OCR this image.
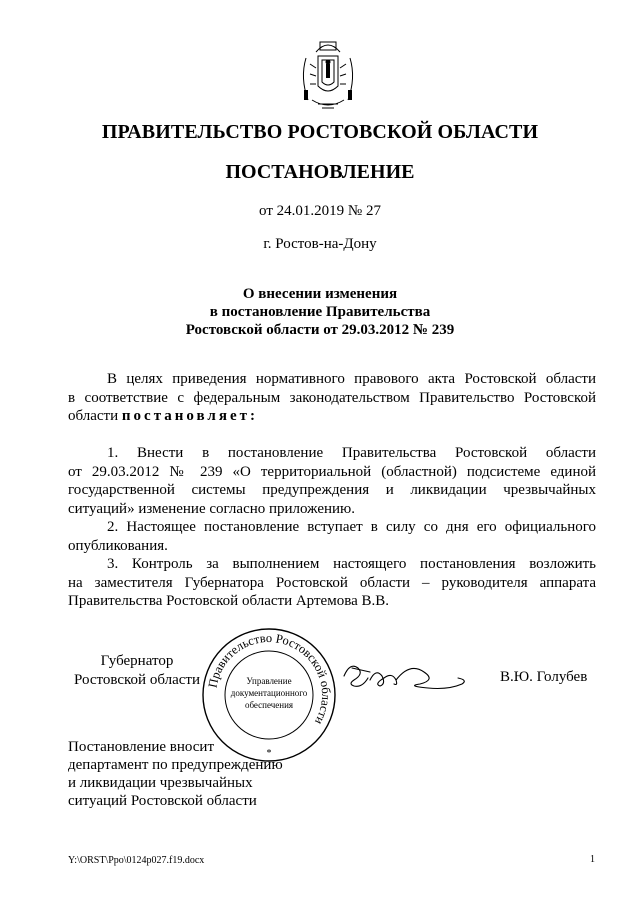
ПРАВИТЕЛЬСТВО РОСТОВСКОЙ ОБЛАСТИ
ПОСТАНОВЛЕНИЕ
от 24.01.2019 № 27
г. Ростов-на-Дону
О внесении изменения
в постановление Правительства
Ростовской области от 29.03.2012 № 239
В целях приведения нормативного правового акта Ростовской области
в соответствие с федеральным законодательством Правительство Ростовской
области постановляет:
1. Внести в постановление Правительства Ростовской области
от 29.03.2012 № 239 «О территориальной (областной) подсистеме единой
государственной системы предупреждения и ликвидации чрезвычайных
ситуаций» изменение согласно приложению.
2. Настоящее постановление вступает в силу со дня его официального
опубликования.
3. Контроль за выполнением настоящего постановления возложить
на заместителя Губернатора Ростовской области – руководителя аппарата
Правительства Ростовской области Артемова В.В.
Губернатор
Ростовской области	В.Ю. Голубев
Правительство Ростовской области
Управление
документационного
обеспечения
*
Постановление вносит
департамент по предупреждению
и ликвидации чрезвычайных
ситуаций Ростовской области
Y:\ORST\Ppo\0124p027.f19.docx	1
